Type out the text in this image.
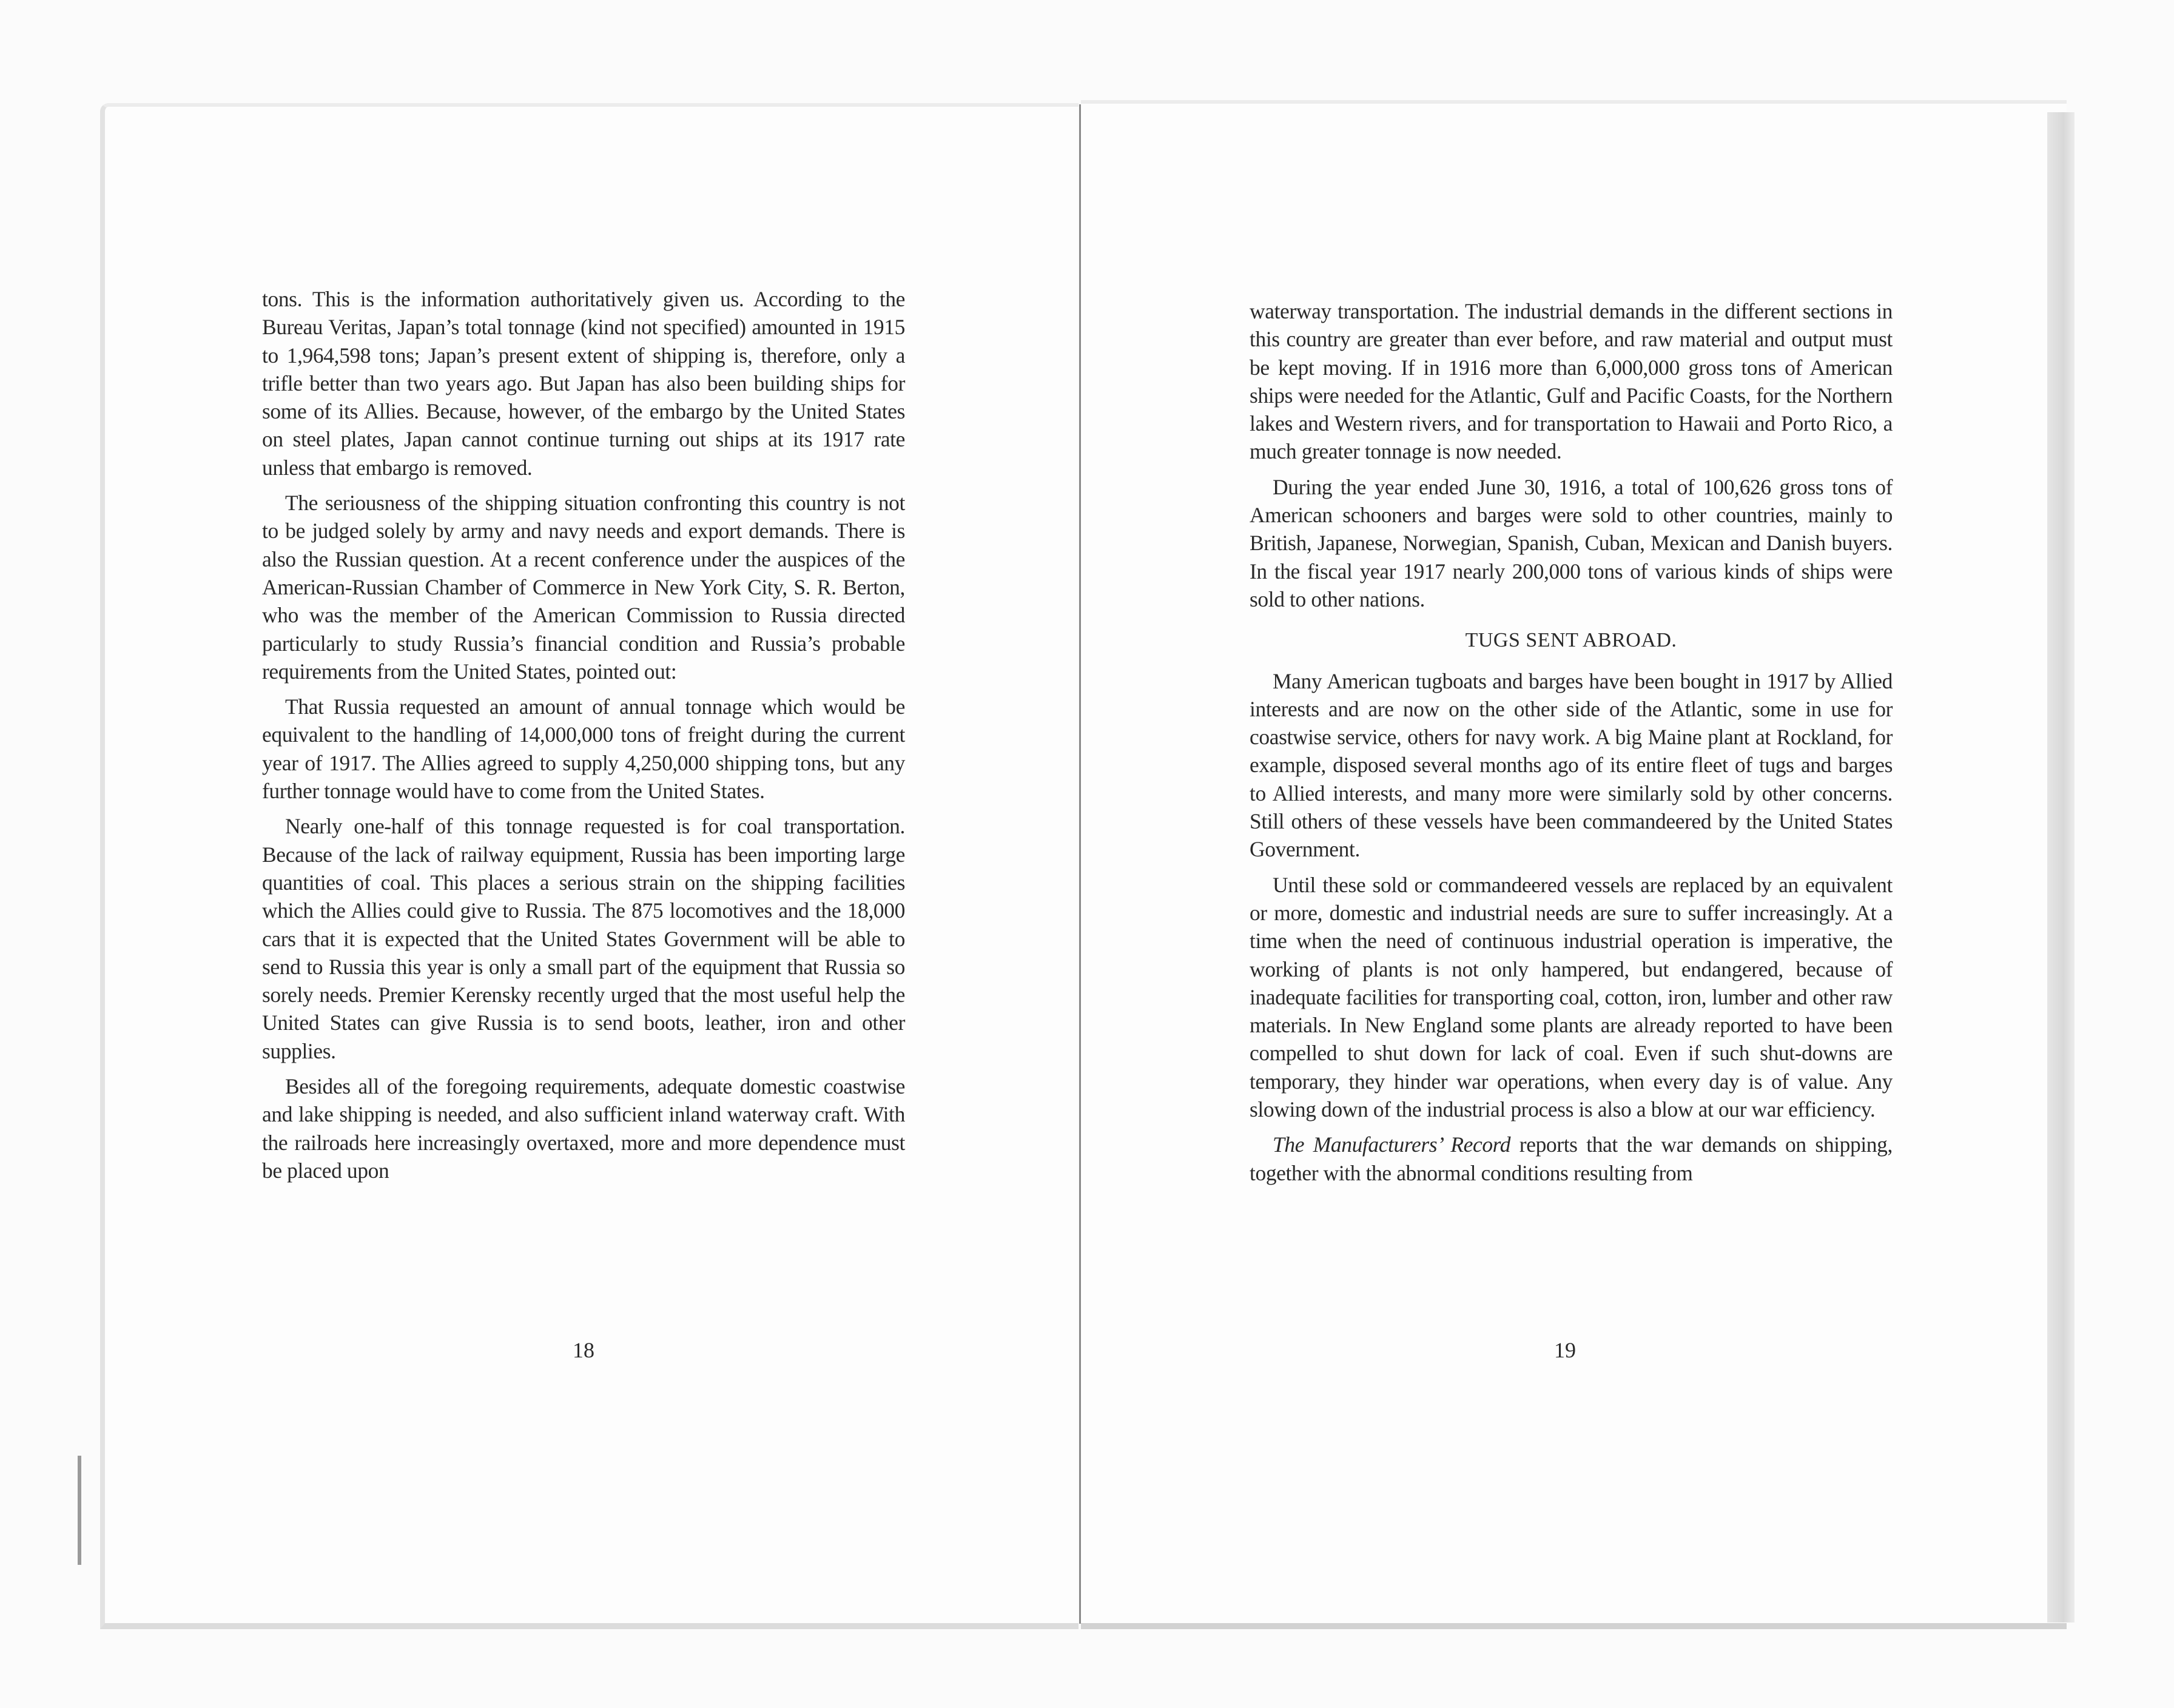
tons. This is the information authoritatively given us. According to the Bureau Veritas, Japan’s total tonnage (kind not specified) amounted in 1915 to 1,964,598 tons; Japan’s present extent of shipping is, therefore, only a trifle better than two years ago. But Japan has also been building ships for some of its Allies. Because, however, of the embargo by the United States on steel plates, Japan cannot continue turning out ships at its 1917 rate unless that embargo is removed.

The seriousness of the shipping situation confronting this country is not to be judged solely by army and navy needs and export demands. There is also the Russian question. At a recent conference under the auspices of the American-Russian Chamber of Commerce in New York City, S. R. Berton, who was the member of the American Commission to Russia directed particularly to study Russia’s financial condition and Russia’s probable requirements from the United States, pointed out:

That Russia requested an amount of annual tonnage which would be equivalent to the handling of 14,000,000 tons of freight during the current year of 1917. The Allies agreed to supply 4,250,000 shipping tons, but any further tonnage would have to come from the United States.

Nearly one-half of this tonnage requested is for coal transportation. Because of the lack of railway equipment, Russia has been importing large quantities of coal. This places a serious strain on the shipping facilities which the Allies could give to Russia. The 875 locomotives and the 18,000 cars that it is expected that the United States Government will be able to send to Russia this year is only a small part of the equipment that Russia so sorely needs. Premier Kerensky recently urged that the most useful help the United States can give Russia is to send boots, leather, iron and other supplies.

Besides all of the foregoing requirements, adequate domestic coastwise and lake shipping is needed, and also sufficient inland waterway craft. With the railroads here increasingly overtaxed, more and more dependence must be placed upon

18

waterway transportation. The industrial demands in the different sections in this country are greater than ever before, and raw material and output must be kept moving. If in 1916 more than 6,000,000 gross tons of American ships were needed for the Atlantic, Gulf and Pacific Coasts, for the Northern lakes and Western rivers, and for transportation to Hawaii and Porto Rico, a much greater tonnage is now needed.

During the year ended June 30, 1916, a total of 100,626 gross tons of American schooners and barges were sold to other countries, mainly to British, Japanese, Norwegian, Spanish, Cuban, Mexican and Danish buyers. In the fiscal year 1917 nearly 200,000 tons of various kinds of ships were sold to other nations.

TUGS SENT ABROAD.

Many American tugboats and barges have been bought in 1917 by Allied interests and are now on the other side of the Atlantic, some in use for coastwise service, others for navy work. A big Maine plant at Rockland, for example, disposed several months ago of its entire fleet of tugs and barges to Allied interests, and many more were similarly sold by other concerns. Still others of these vessels have been commandeered by the United States Government.

Until these sold or commandeered vessels are replaced by an equivalent or more, domestic and industrial needs are sure to suffer increasingly. At a time when the need of continuous industrial operation is imperative, the working of plants is not only hampered, but endangered, because of inadequate facilities for transporting coal, cotton, iron, lumber and other raw materials. In New England some plants are already reported to have been compelled to shut down for lack of coal. Even if such shut-downs are temporary, they hinder war operations, when every day is of value. Any slowing down of the industrial process is also a blow at our war efficiency.

The Manufacturers’ Record reports that the war demands on shipping, together with the abnormal conditions resulting from

19
